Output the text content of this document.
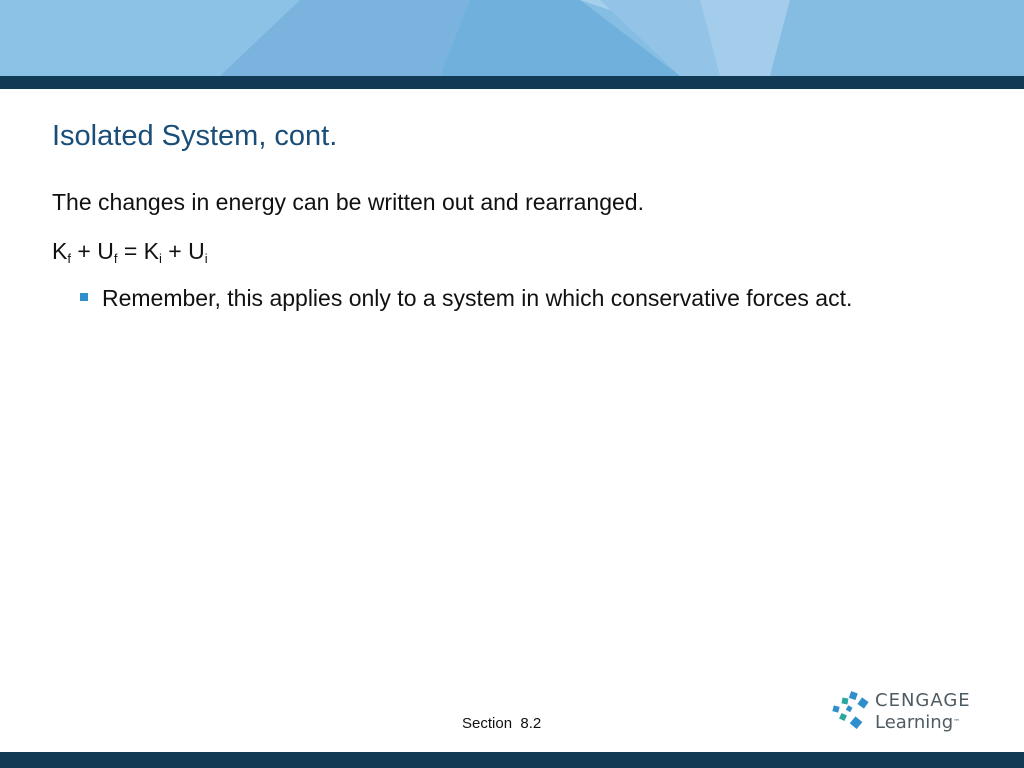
Isolated System, cont.
The changes in energy can be written out and rearranged.
$K_f + U_f = K_i + U_i$
Remember, this applies only to a system in which conservative forces act.
Section  8.2
CENGAGE
Learning™
